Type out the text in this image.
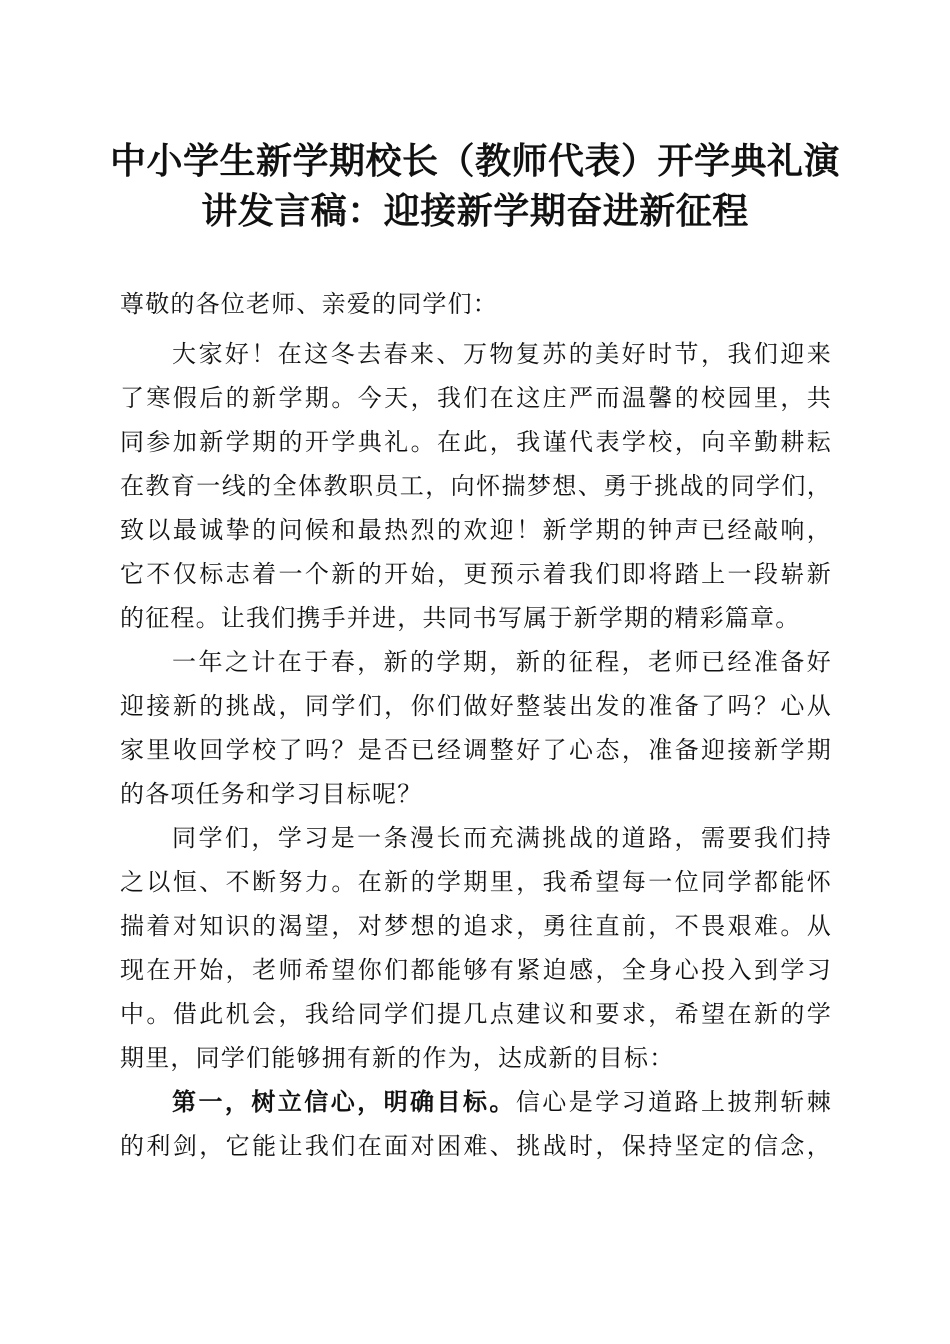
中小学生新学期校长（教师代表）开学典礼演
讲发言稿：迎接新学期奋进新征程
尊敬的各位老师、亲爱的同学们：
大家好！在这冬去春来、万物复苏的美好时节，我们迎来
了寒假后的新学期。今天，我们在这庄严而温馨的校园里，共
同参加新学期的开学典礼。在此，我谨代表学校，向辛勤耕耘
在教育一线的全体教职员工，向怀揣梦想、勇于挑战的同学们，
致以最诚挚的问候和最热烈的欢迎！新学期的钟声已经敲响，
它不仅标志着一个新的开始，更预示着我们即将踏上一段崭新
的征程。让我们携手并进，共同书写属于新学期的精彩篇章。
一年之计在于春，新的学期，新的征程，老师已经准备好
迎接新的挑战，同学们，你们做好整装出发的准备了吗？心从
家里收回学校了吗？是否已经调整好了心态，准备迎接新学期
的各项任务和学习目标呢？
同学们，学习是一条漫长而充满挑战的道路，需要我们持
之以恒、不断努力。在新的学期里，我希望每一位同学都能怀
揣着对知识的渴望，对梦想的追求，勇往直前，不畏艰难。从
现在开始，老师希望你们都能够有紧迫感，全身心投入到学习
中。借此机会，我给同学们提几点建议和要求，希望在新的学
期里，同学们能够拥有新的作为，达成新的目标：
第一，树立信心，明确目标。信心是学习道路上披荆斩棘
的利剑，它能让我们在面对困难、挑战时，保持坚定的信念，
